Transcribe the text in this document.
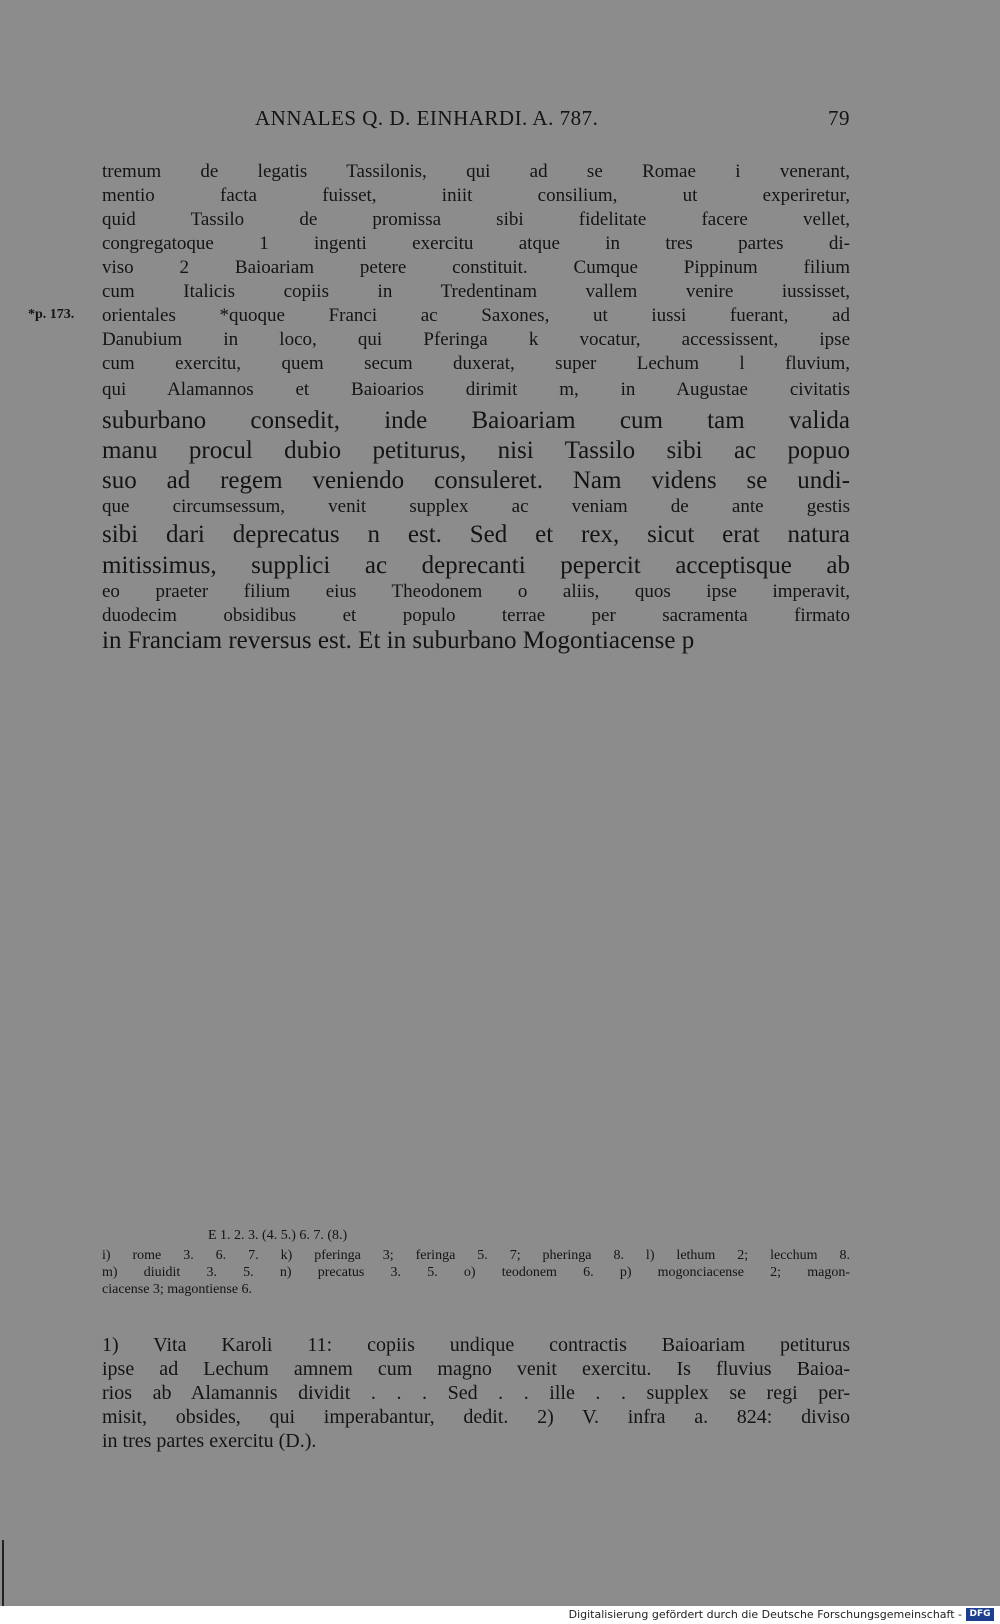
ANNALES Q. D. EINHARDI. A. 787.	79
*p. 173.
tremum de legatis Tassilonis, qui ad se Romae i venerant,
mentio facta fuisset, iniit consilium, ut experiretur,
quid Tassilo de promissa sibi fidelitate facere vellet,
congregatoque 1 ingenti exercitu atque in tres partes di-
viso 2 Baioariam petere constituit. Cumque Pippinum filium
cum Italicis copiis in Tredentinam vallem venire iussisset,
orientales *quoque Franci ac Saxones, ut iussi fuerant, ad
Danubium in loco, qui Pferinga k vocatur, accessissent, ipse
cum exercitu, quem secum duxerat, super Lechum l fluvium,
qui Alamannos et Baioarios dirimit m, in Augustae civitatis
suburbano consedit, inde Baioariam cum tam valida
manu procul dubio petiturus, nisi Tassilo sibi ac popuo
suo ad regem veniendo consuleret. Nam videns se undi-
que circumsessum, venit supplex ac veniam de ante gestis
sibi dari deprecatus n est. Sed et rex, sicut erat natura
mitissimus, supplici ac deprecanti pepercit acceptisque ab
eo praeter filium eius Theodonem o aliis, quos ipse imperavit,
duodecim obsidibus et populo terrae per sacramenta firmato
in Franciam reversus est. Et in suburbano Mogontiacense p
E 1. 2. 3. (4. 5.) 6. 7. (8.)
i) rome 3. 6. 7. k) pferinga 3; feringa 5. 7; pheringa 8. l) lethum 2; lecchum 8.
m) diuidit 3. 5. n) precatus 3. 5. o) teodonem 6. p) mogonciacense 2; magon-
ciacense 3; magontiense 6.
1) Vita Karoli 11: copiis undique contractis Baioariam petiturus
ipse ad Lechum amnem cum magno venit exercitu. Is fluvius Baioa-
rios ab Alamannis dividit . . . Sed . . ille . . supplex se regi per-
misit, obsides, qui imperabantur, dedit. 2) V. infra a. 824: diviso
in tres partes exercitu (D.).
Digitalisierung gefördert durch die Deutsche Forschungsgemeinschaft - DFG
